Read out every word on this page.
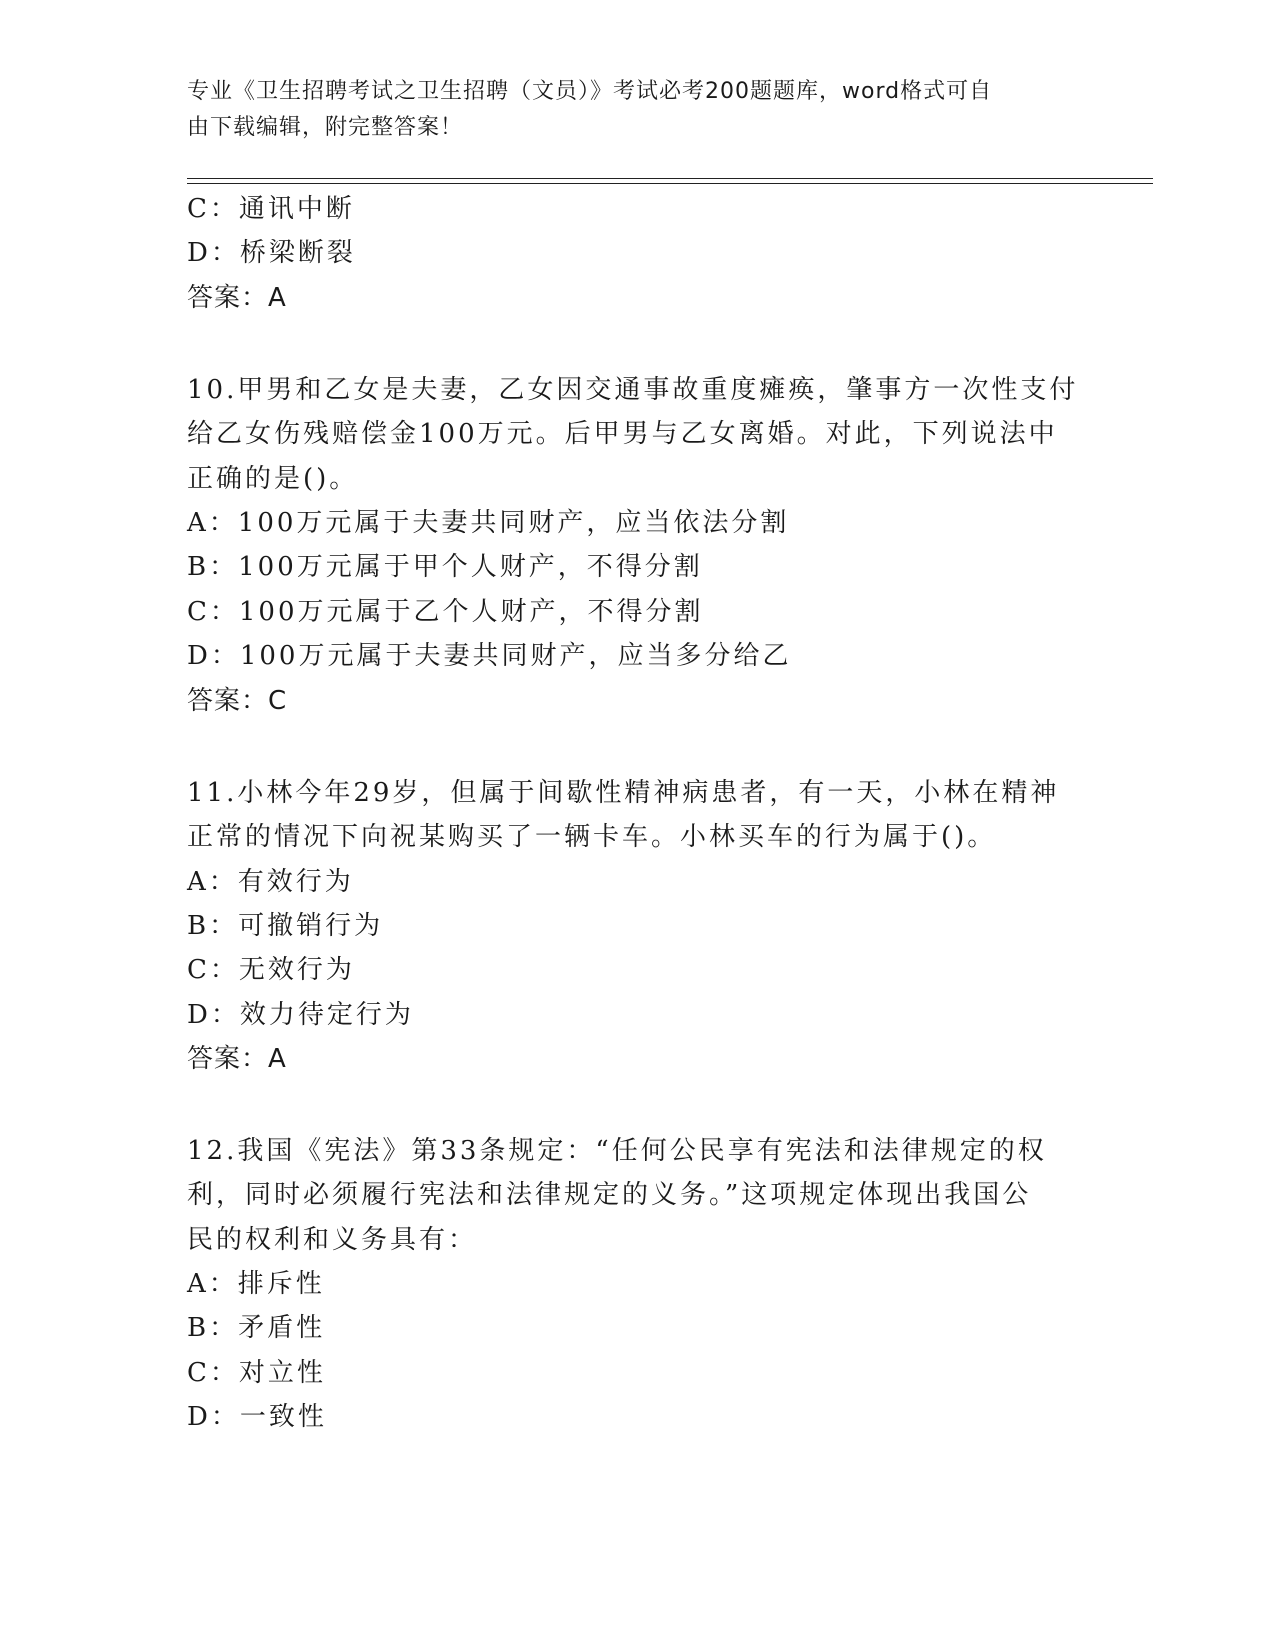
专业《卫生招聘考试之卫生招聘（文员）》考试必考200题题库，word格式可自
由下载编辑，附完整答案！
C：通讯中断
D：桥梁断裂
答案：A
10.甲男和乙女是夫妻，乙女因交通事故重度瘫痪，肇事方一次性支付
给乙女伤残赔偿金100万元。后甲男与乙女离婚。对此，下列说法中
正确的是()。
A：100万元属于夫妻共同财产，应当依法分割
B：100万元属于甲个人财产，不得分割
C：100万元属于乙个人财产，不得分割
D：100万元属于夫妻共同财产，应当多分给乙
答案：C
11.小林今年29岁，但属于间歇性精神病患者，有一天，小林在精神
正常的情况下向祝某购买了一辆卡车。小林买车的行为属于()。
A：有效行为
B：可撤销行为
C：无效行为
D：效力待定行为
答案：A
12.我国《宪法》第33条规定：“任何公民享有宪法和法律规定的权
利，同时必须履行宪法和法律规定的义务。”这项规定体现出我国公
民的权利和义务具有：
A：排斥性
B：矛盾性
C：对立性
D：一致性
